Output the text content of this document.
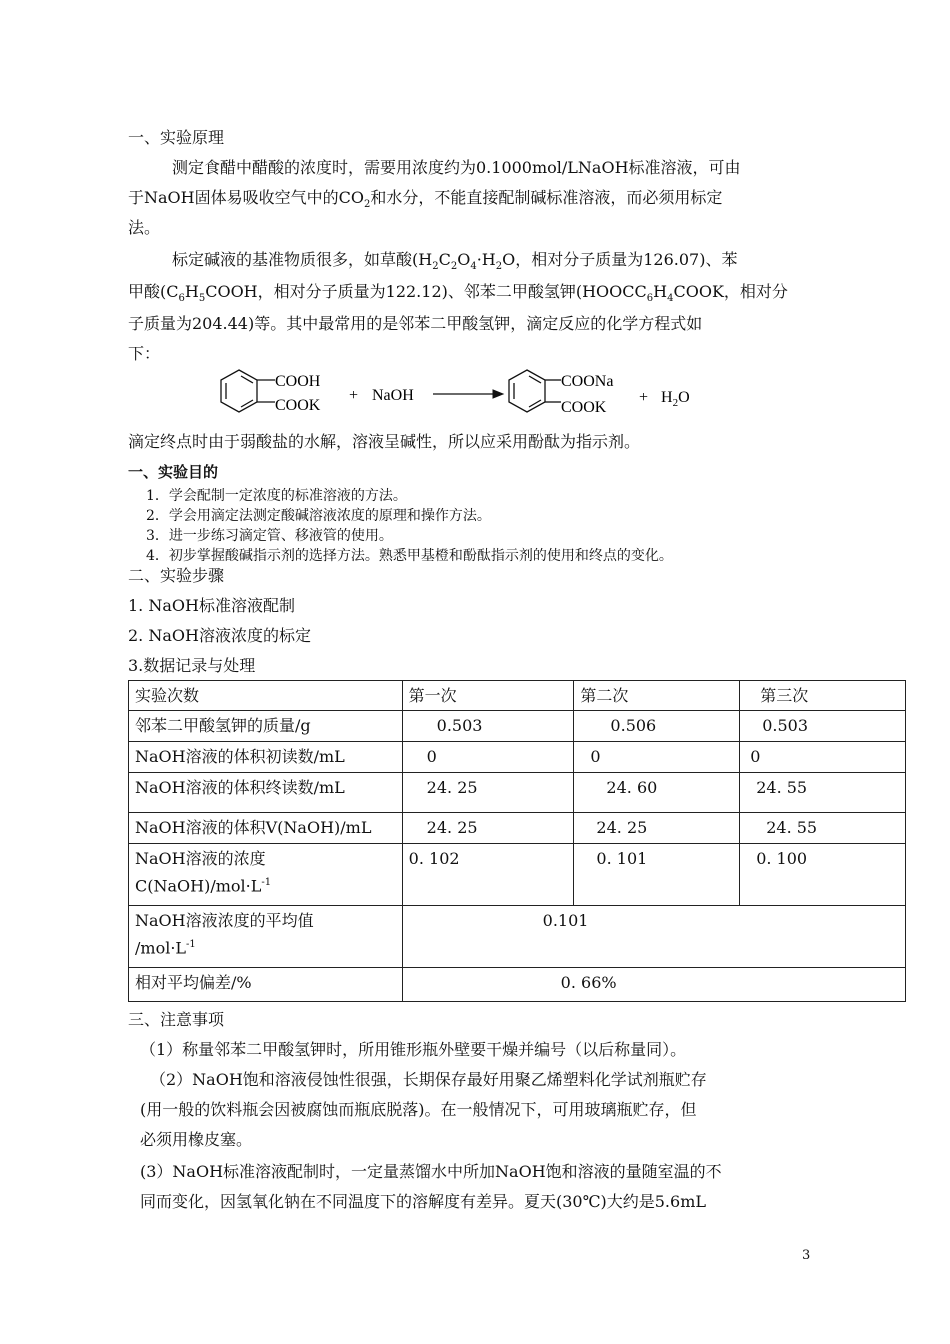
一、实验原理
测定食醋中醋酸的浓度时，需要用浓度约为0.1000mol/LNaOH标准溶液，可由
于NaOH固体易吸收空气中的$CO_2$和水分，不能直接配制碱标准溶液，而必须用标定
法。
标定碱液的基准物质很多，如草酸($H_2C_2O_4\cdot H_2O$，相对分子质量为126.07)、苯
甲酸($C_6H_5COOH$，相对分子质量为122.12)、邻苯二甲酸氢钾($HOOCC_6H_4COOK$，相对分
子质量为204.44)等。其中最常用的是邻苯二甲酸氢钾，滴定反应的化学方程式如
下：
COOH
COOK
+ NaOH
COONa
COOK
+ $H_2O$
滴定终点时由于弱酸盐的水解，溶液呈碱性，所以应采用酚酞为指示剂。
一、实验目的
1．学会配制一定浓度的标准溶液的方法。
2．学会用滴定法测定酸碱溶液浓度的原理和操作方法。
3．进一步练习滴定管、移液管的使用。
4．初步掌握酸碱指示剂的选择方法。熟悉甲基橙和酚酞指示剂的使用和终点的变化。
二、实验步骤
1. NaOH标准溶液配制
2. NaOH溶液浓度的标定
3.数据记录与处理
实验次数	第一次	第二次	第三次
邻苯二甲酸氢钾的质量/g	0.503	0.506	0.503
NaOH溶液的体积初读数/mL	0	0	0
NaOH溶液的体积终读数/mL	24. 25	24. 60	24. 55
NaOH溶液的体积V(NaOH)/mL	24. 25	24. 25	24. 55

NaOH溶液的浓度
$C(NaOH)/mol\cdot L^{-1}$	0. 102	0. 101	0. 100

NaOH溶液浓度的平均值
$/mol\cdot L^{-1}$	0.101		
相对平均偏差/%	0. 66%		
三、注意事项
（1）称量邻苯二甲酸氢钾时，所用锥形瓶外壁要干燥并编号（以后称量同）。
（2）NaOH饱和溶液侵蚀性很强，长期保存最好用聚乙烯塑料化学试剂瓶贮存
(用一般的饮料瓶会因被腐蚀而瓶底脱落)。在一般情况下，可用玻璃瓶贮存，但
必须用橡皮塞。
(3）NaOH标准溶液配制时，一定量蒸馏水中所加NaOH饱和溶液的量随室温的不
同而变化，因氢氧化钠在不同温度下的溶解度有差异。夏天(30℃)大约是5.6mL
3
